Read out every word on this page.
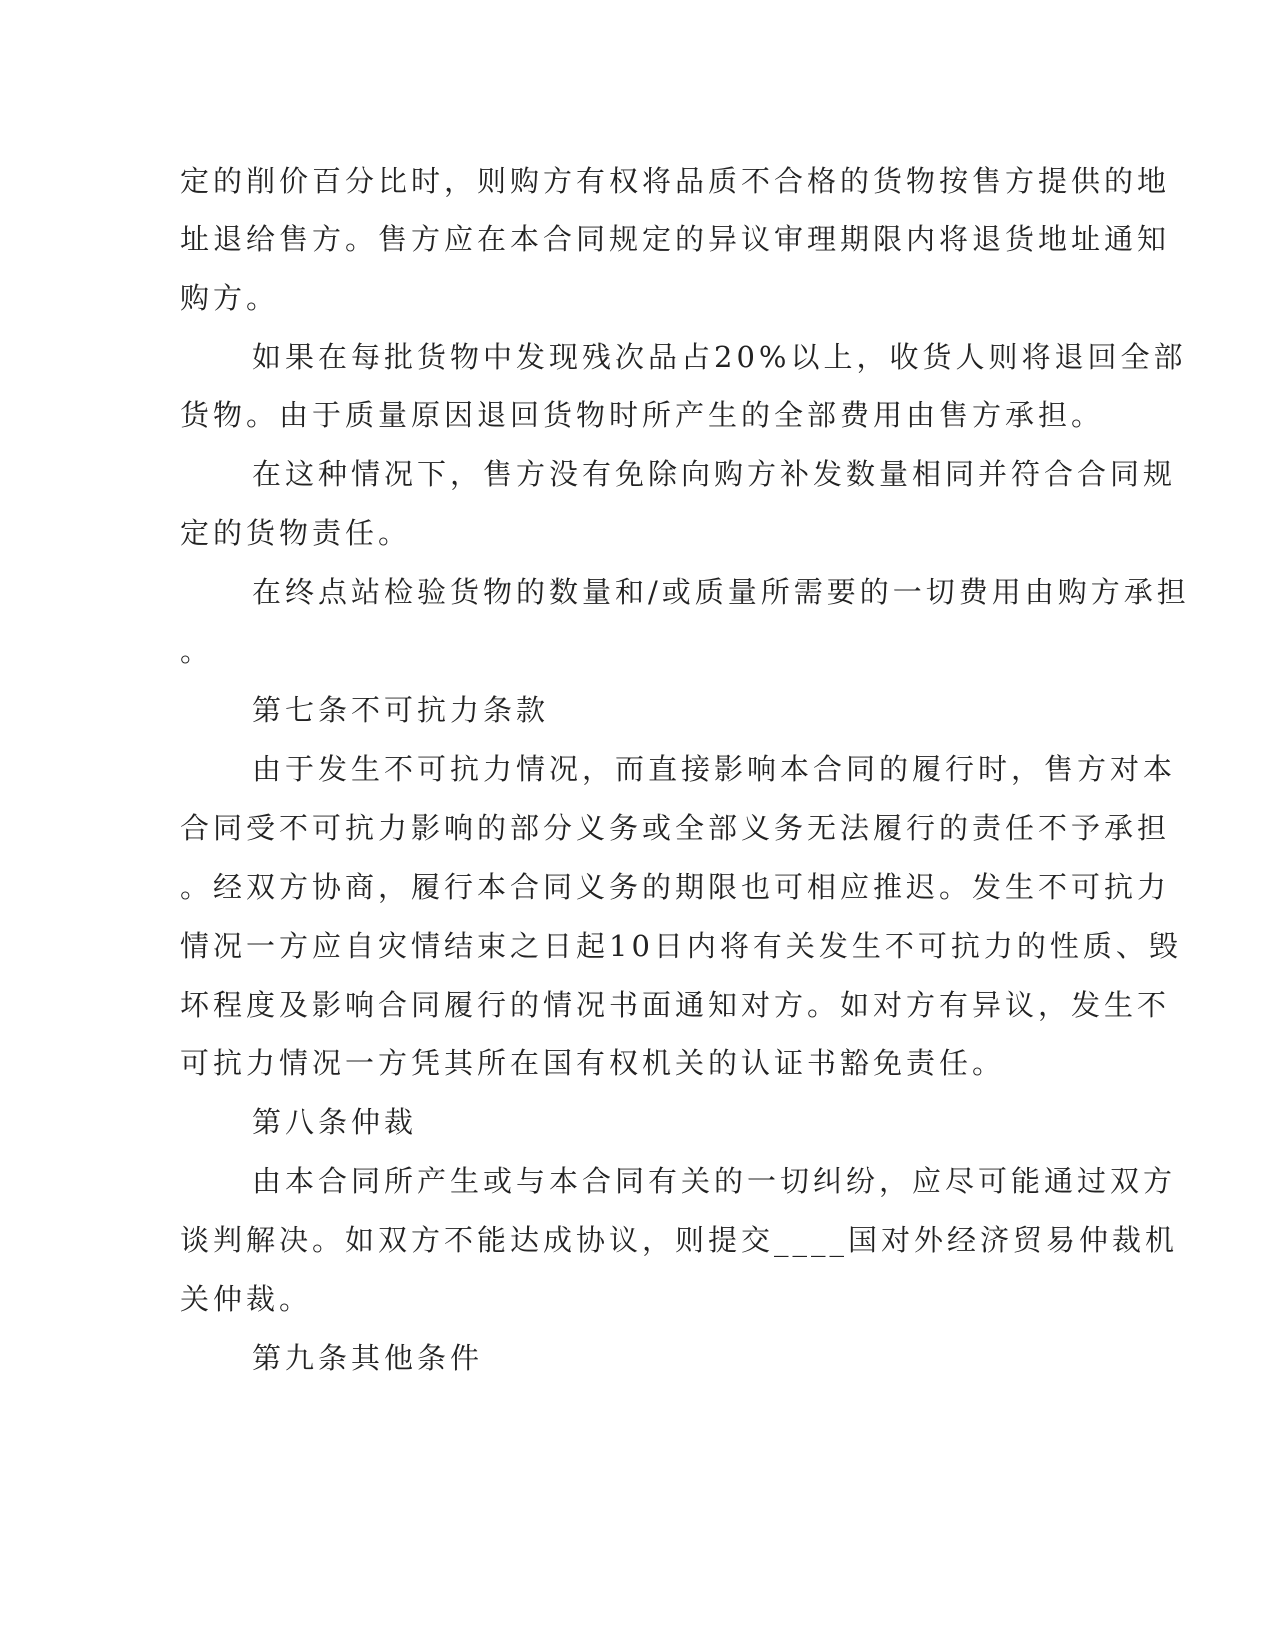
定的削价百分比时，则购方有权将品质不合格的货物按售方提供的地
址退给售方。售方应在本合同规定的异议审理期限内将退货地址通知
购方。
如果在每批货物中发现残次品占20%以上，收货人则将退回全部
货物。由于质量原因退回货物时所产生的全部费用由售方承担。
在这种情况下，售方没有免除向购方补发数量相同并符合合同规
定的货物责任。
在终点站检验货物的数量和/或质量所需要的一切费用由购方承担
。
第七条不可抗力条款
由于发生不可抗力情况，而直接影响本合同的履行时，售方对本
合同受不可抗力影响的部分义务或全部义务无法履行的责任不予承担
。经双方协商，履行本合同义务的期限也可相应推迟。发生不可抗力
情况一方应自灾情结束之日起10日内将有关发生不可抗力的性质、毁
坏程度及影响合同履行的情况书面通知对方。如对方有异议，发生不
可抗力情况一方凭其所在国有权机关的认证书豁免责任。
第八条仲裁
由本合同所产生或与本合同有关的一切纠纷，应尽可能通过双方
谈判解决。如双方不能达成协议，则提交____国对外经济贸易仲裁机
关仲裁。
第九条其他条件
